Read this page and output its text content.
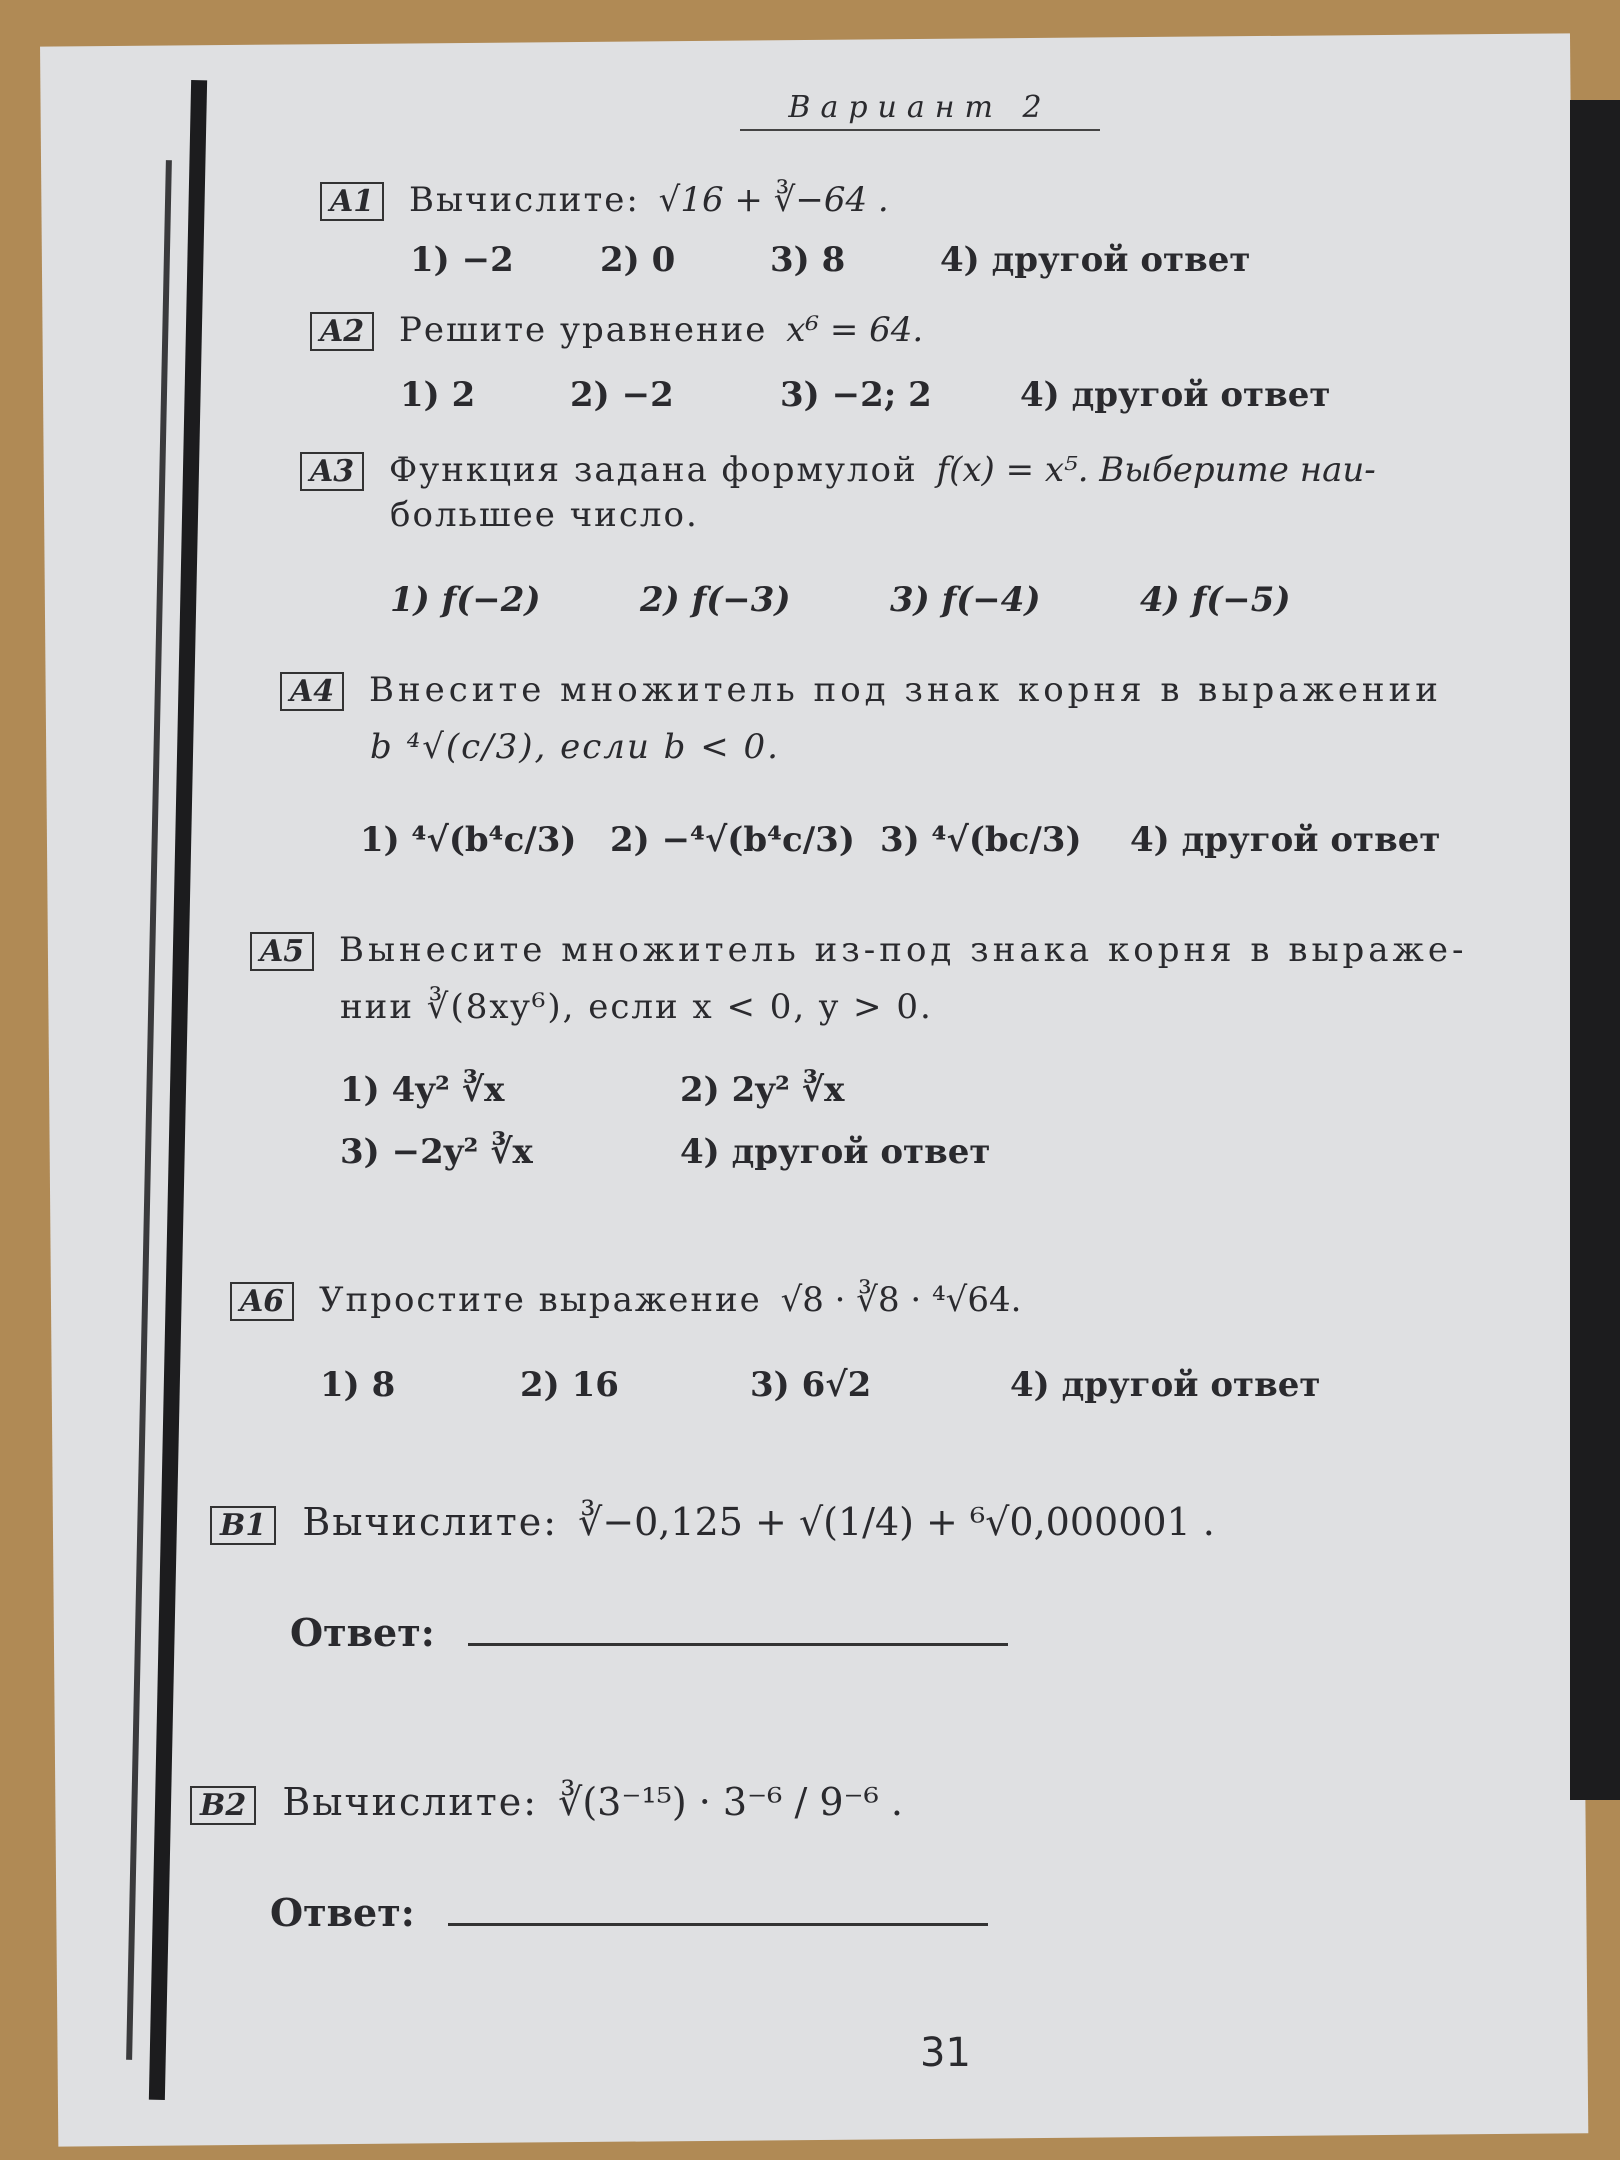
Вариант 2
A1 Вычислите: √16 + ∛−64 .
1) −2	2) 0	3) 8	4) другой ответ
A2 Решите уравнение x⁶ = 64.
1) 2	2) −2	3) −2; 2	4) другой ответ
A3 Функция задана формулой f(x) = x⁵. Выберите наи-
большее число.
1) f(−2)	2) f(−3)	3) f(−4)	4) f(−5)
A4 Внесите множитель под знак корня в выражении
b ⁴√(c/3), если b < 0.
1) ⁴√(b⁴c/3) 2) −⁴√(b⁴c/3) 3) ⁴√(bc/3) 4) другой ответ
A5 Вынесите множитель из-под знака корня в выраже-
нии ∛(8xy⁶), если x < 0, y > 0.
1) 4y² ∛x	2) 2y² ∛x
3) −2y² ∛x	4) другой ответ
A6 Упростите выражение √8 · ∛8 · ⁴√64.
1) 8	2) 16	3) 6√2	4) другой ответ
B1 Вычислите: ∛−0,125 + √(1/4) + ⁶√0,000001 .
Ответ:
B2 Вычислите: ∛(3⁻¹⁵) · 3⁻⁶ / 9⁻⁶ .
Ответ:
31
